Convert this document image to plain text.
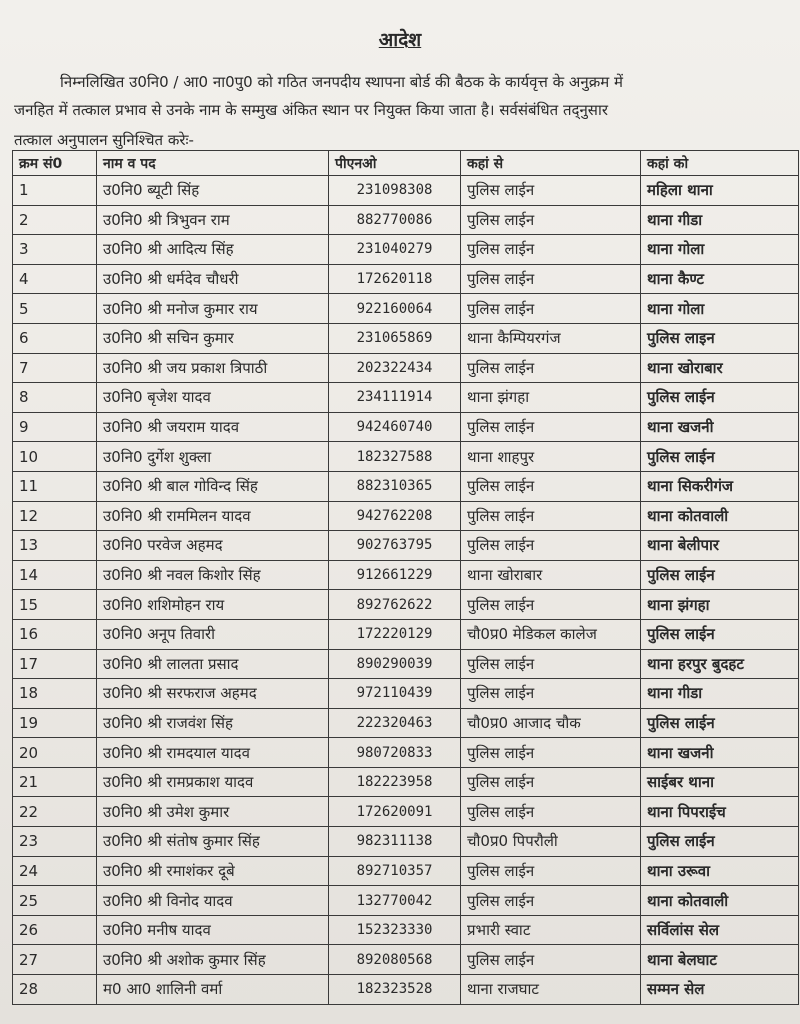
आदेश
निम्नलिखित उ0नि0 / आ0 ना0पु0 को गठित जनपदीय स्थापना बोर्ड की बैठक के कार्यवृत्त के अनुक्रम में
जनहित में तत्काल प्रभाव से उनके नाम के सम्मुख अंकित स्थान पर नियुक्त किया जाता है। सर्वसंबंधित तद्नुसार
तत्काल अनुपालन सुनिश्चित करेः-
क्रम सं0	नाम व पद	पीएनओ	कहां से	कहां को
1	उ0नि0 ब्यूटी सिंह	231098308	पुलिस लाईन	महिला थाना
2	उ0नि0 श्री त्रिभुवन राम	882770086	पुलिस लाईन	थाना गीडा
3	उ0नि0 श्री आदित्य सिंह	231040279	पुलिस लाईन	थाना गोला
4	उ0नि0 श्री धर्मदेव चौधरी	172620118	पुलिस लाईन	थाना कैण्ट
5	उ0नि0 श्री मनोज कुमार राय	922160064	पुलिस लाईन	थाना गोला
6	उ0नि0 श्री सचिन कुमार	231065869	थाना कैम्पियरगंज	पुलिस लाइन
7	उ0नि0 श्री जय प्रकाश त्रिपाठी	202322434	पुलिस लाईन	थाना खोराबार
8	उ0नि0 बृजेश यादव	234111914	थाना झंगहा	पुलिस लाईन
9	उ0नि0 श्री जयराम यादव	942460740	पुलिस लाईन	थाना खजनी
10	उ0नि0 दुर्गेश शुक्ला	182327588	थाना शाहपुर	पुलिस लाईन
11	उ0नि0 श्री बाल गोविन्द सिंह	882310365	पुलिस लाईन	थाना सिकरीगंज
12	उ0नि0 श्री राममिलन यादव	942762208	पुलिस लाईन	थाना कोतवाली
13	उ0नि0 परवेज अहमद	902763795	पुलिस लाईन	थाना बेलीपार
14	उ0नि0 श्री नवल किशोर सिंह	912661229	थाना खोराबार	पुलिस लाईन
15	उ0नि0 शशिमोहन राय	892762622	पुलिस लाईन	थाना झंगहा
16	उ0नि0 अनूप तिवारी	172220129	चौ0प्र0 मेडिकल कालेज	पुलिस लाईन
17	उ0नि0 श्री लालता प्रसाद	890290039	पुलिस लाईन	थाना हरपुर बुदहट
18	उ0नि0 श्री सरफराज अहमद	972110439	पुलिस लाईन	थाना गीडा
19	उ0नि0 श्री राजवंश सिंह	222320463	चौ0प्र0 आजाद चौक	पुलिस लाईन
20	उ0नि0 श्री रामदयाल यादव	980720833	पुलिस लाईन	थाना खजनी
21	उ0नि0 श्री रामप्रकाश यादव	182223958	पुलिस लाईन	साईबर थाना
22	उ0नि0 श्री उमेश कुमार	172620091	पुलिस लाईन	थाना पिपराईच
23	उ0नि0 श्री संतोष कुमार सिंह	982311138	चौ0प्र0 पिपरौली	पुलिस लाईन
24	उ0नि0 श्री रमाशंकर दूबे	892710357	पुलिस लाईन	थाना उरूवा
25	उ0नि0 श्री विनोद यादव	132770042	पुलिस लाईन	थाना कोतवाली
26	उ0नि0 मनीष यादव	152323330	प्रभारी स्वाट	सर्विलांस सेल
27	उ0नि0 श्री अशोक कुमार सिंह	892080568	पुलिस लाईन	थाना बेलघाट
28	म0 आ0 शालिनी वर्मा	182323528	थाना राजघाट	सम्मन सेल
